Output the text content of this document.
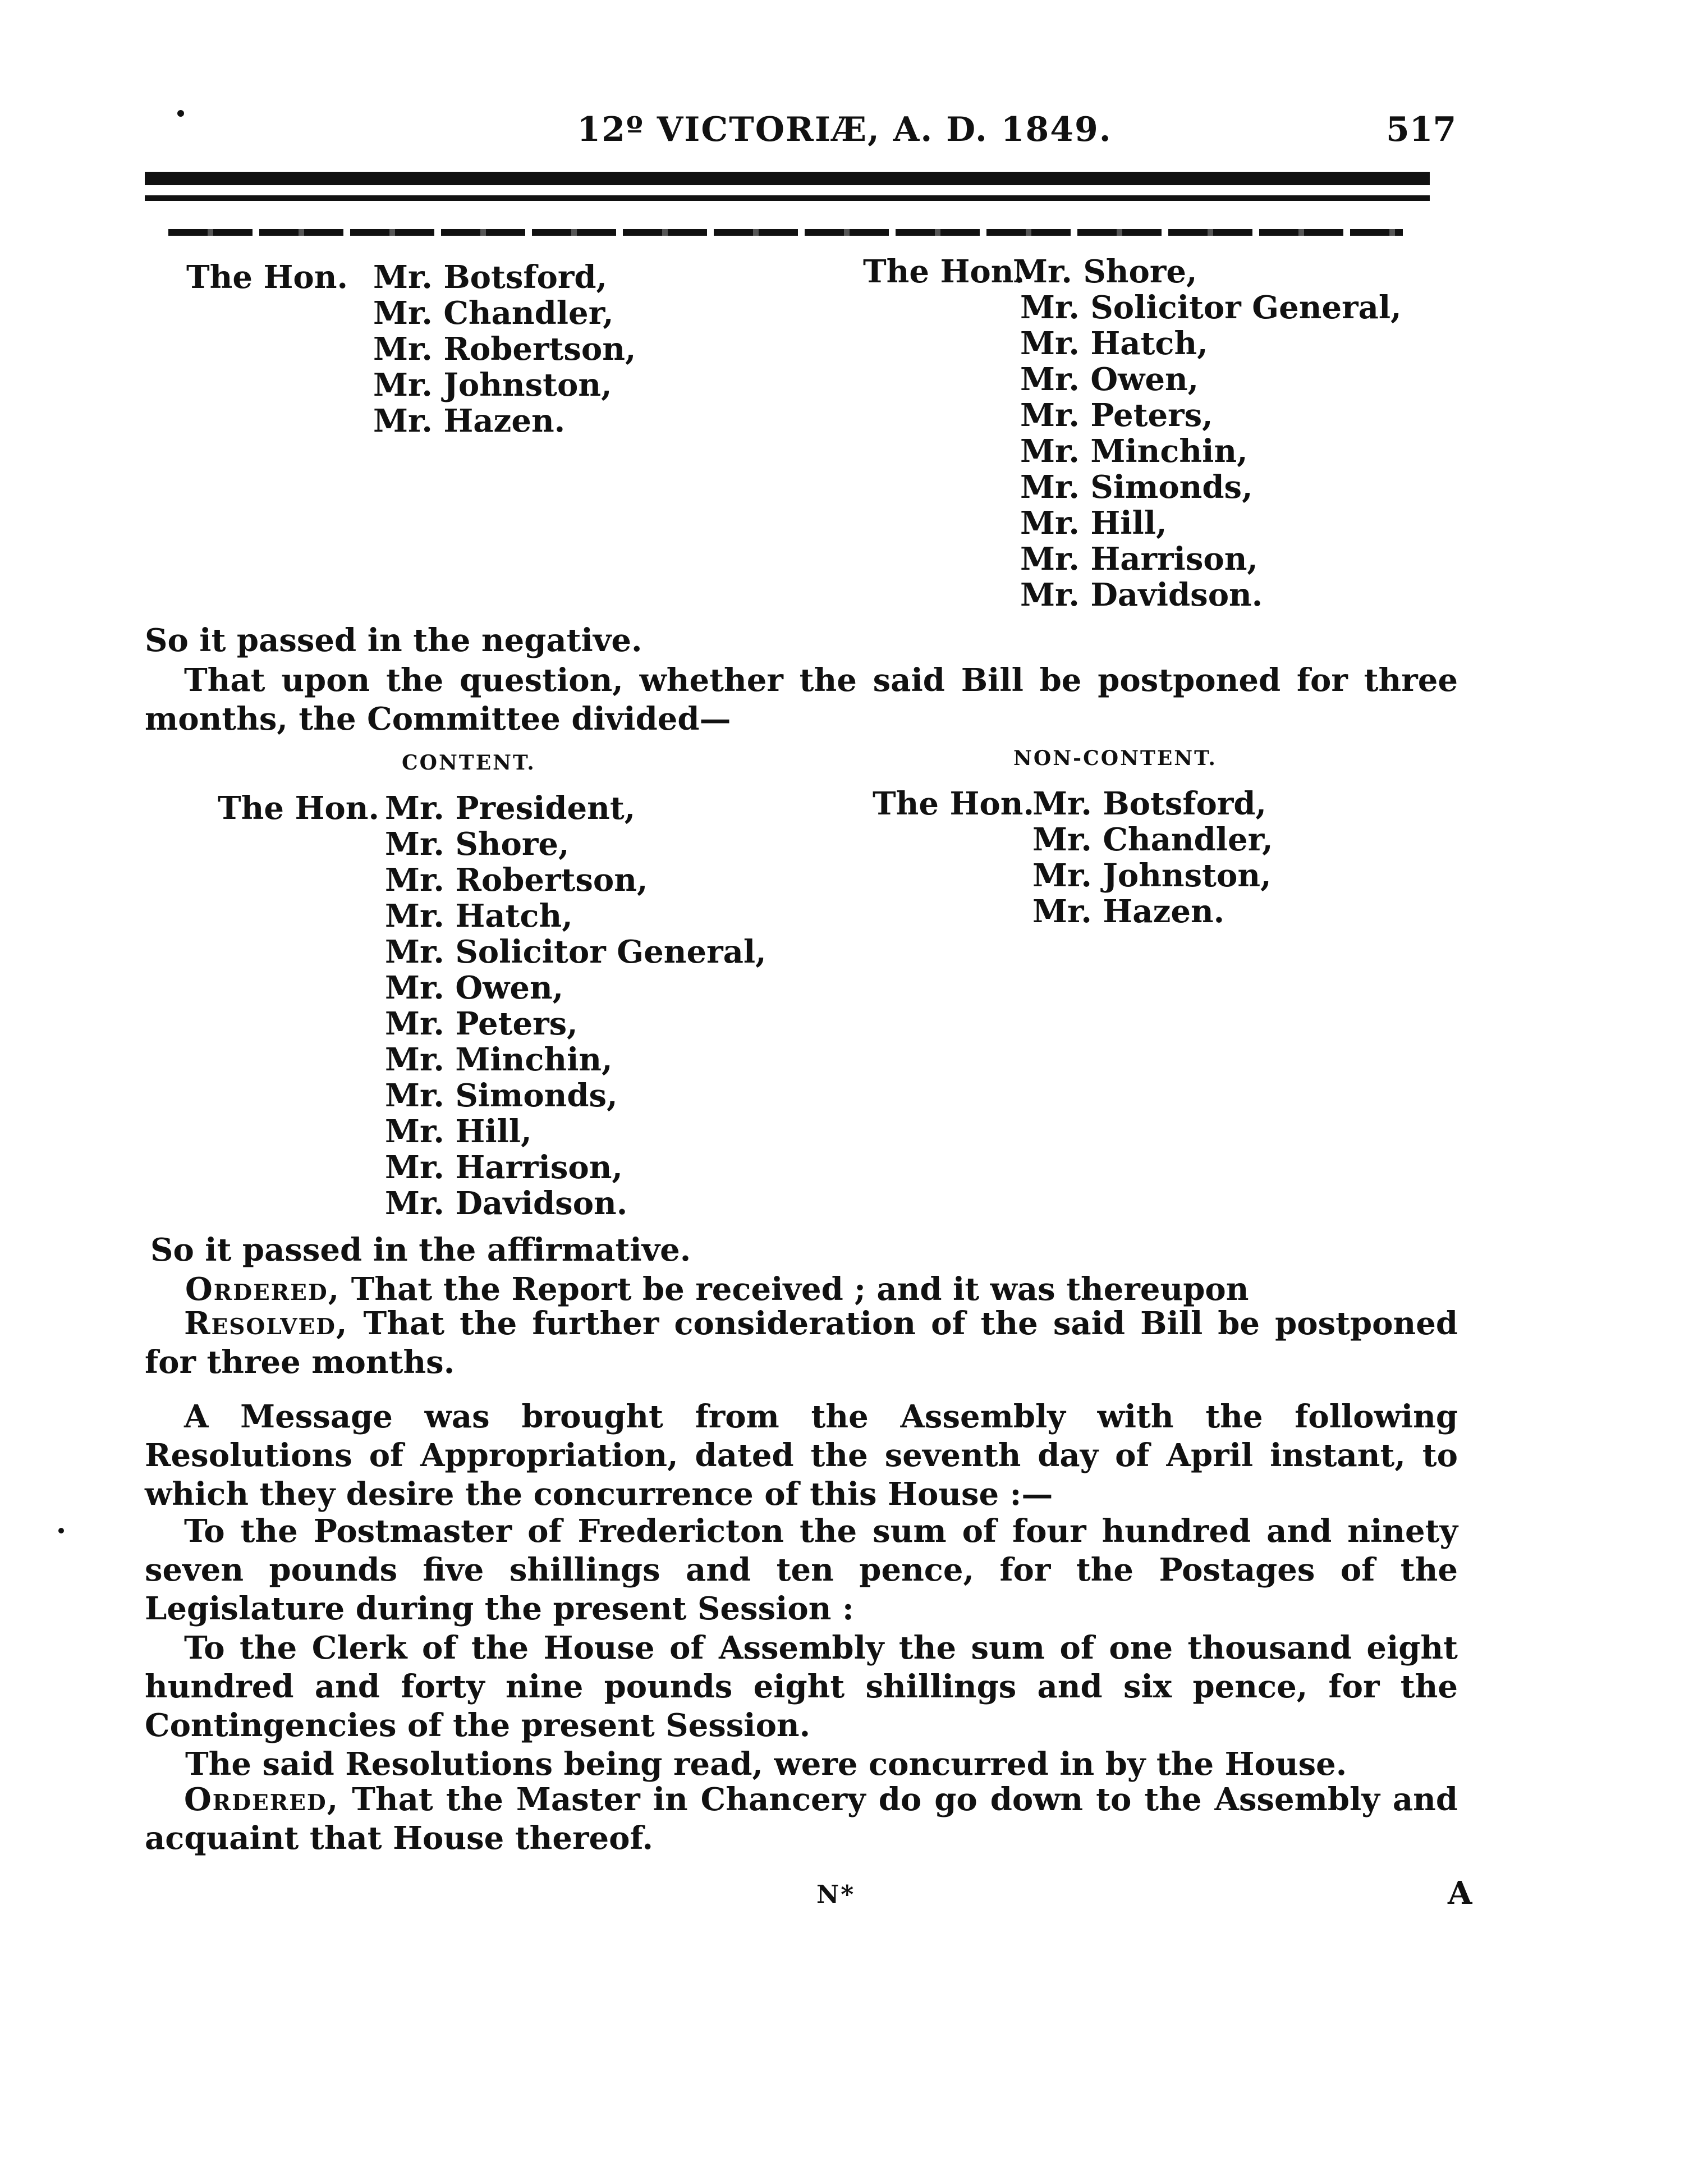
12º VICTORIÆ, A. D. 1849.	517
The Hon. Mr. Botsford,
Mr. Chandler,
Mr. Robertson,
Mr. Johnston,
Mr. Hazen.
The Hon.
Mr. Shore,
Mr. Solicitor General,
Mr. Hatch,
Mr. Owen,
Mr. Peters,
Mr. Minchin,
Mr. Simonds,
Mr. Hill,
Mr. Harrison,
Mr. Davidson.
So it passed in the negative.
That upon the question, whether the said Bill be postponed for three months, the Committee divided—
CONTENT.	NON-CONTENT.
The Hon. Mr. President,
Mr. Shore,
Mr. Robertson,
Mr. Hatch,
Mr. Solicitor General,
Mr. Owen,
Mr. Peters,
Mr. Minchin,
Mr. Simonds,
Mr. Hill,
Mr. Harrison,
Mr. Davidson.
The Hon.
Mr. Botsford,
Mr. Chandler,
Mr. Johnston,
Mr. Hazen.
So it passed in the affirmative.
Ordered, That the Report be received ; and it was thereupon
Resolved, That the further consideration of the said Bill be postponed for three months.
A Message was brought from the Assembly with the following Resolutions of Appropriation, dated the seventh day of April instant, to which they desire the concurrence of this House :—
To the Postmaster of Fredericton the sum of four hundred and ninety seven pounds five shillings and ten pence, for the Postages of the Legislature during the present Session :
To the Clerk of the House of Assembly the sum of one thousand eight hundred and forty nine pounds eight shillings and six pence, for the Contingencies of the present Session.
The said Resolutions being read, were concurred in by the House.
Ordered, That the Master in Chancery do go down to the Assembly and acquaint that House thereof.
N*	A
